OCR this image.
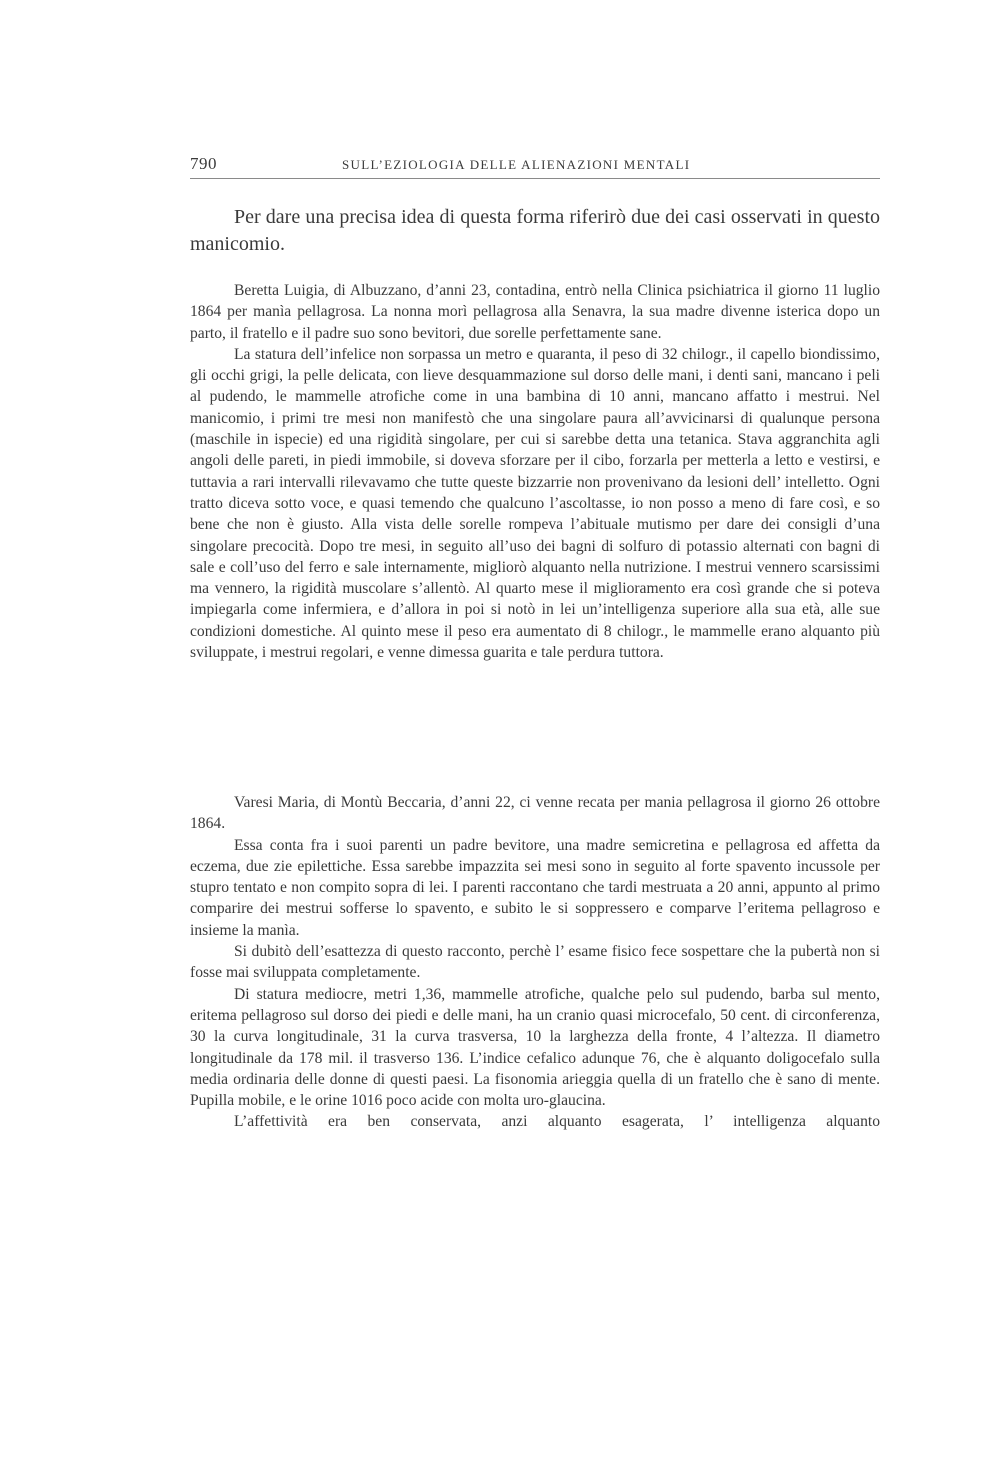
790	SULL’EZIOLOGIA DELLE ALIENAZIONI MENTALI

Per dare una precisa idea di questa forma riferirò due dei casi osservati in questo manicomio.

Beretta Luigia, di Albuzzano, d’anni 23, contadina, entrò nella Clinica psichiatrica il giorno 11 luglio 1864 per manìa pellagrosa. La nonna morì pellagrosa alla Senavra, la sua madre divenne isterica dopo un parto, il fratello e il padre suo sono bevitori, due sorelle perfettamente sane.

La statura dell’infelice non sorpassa un metro e quaranta, il peso di 32 chilogr., il capello biondissimo, gli occhi grigi, la pelle delicata, con lieve desquammazione sul dorso delle mani, i denti sani, mancano i peli al pudendo, le mammelle atrofiche come in una bambina di 10 anni, mancano affatto i mestrui. Nel manicomio, i primi tre mesi non manifestò che una singolare paura all’avvicinarsi di qualunque persona (maschile in ispecie) ed una rigidità singolare, per cui si sarebbe detta una tetanica. Stava aggranchita agli angoli delle pareti, in piedi immobile, si doveva sforzare per il cibo, forzarla per metterla a letto e vestirsi, e tuttavia a rari intervalli rilevavamo che tutte queste bizzarrie non provenivano da lesioni dell’ intelletto. Ogni tratto diceva sotto voce, e quasi temendo che qualcuno l’ascoltasse, io non posso a meno di fare così, e so bene che non è giusto. Alla vista delle sorelle rompeva l’abituale mutismo per dare dei consigli d’una singolare precocità. Dopo tre mesi, in seguito all’uso dei bagni di solfuro di potassio alternati con bagni di sale e coll’uso del ferro e sale internamente, migliorò alquanto nella nutrizione. I mestrui vennero scarsissimi ma vennero, la rigidità muscolare s’allentò. Al quarto mese il miglioramento era così grande che si poteva impiegarla come infermiera, e d’allora in poi si notò in lei un’intelligenza superiore alla sua età, alle sue condizioni domestiche. Al quinto mese il peso era aumentato di 8 chilogr., le mammelle erano alquanto più sviluppate, i mestrui regolari, e venne dimessa guarita e tale perdura tuttora.

Varesi Maria, di Montù Beccaria, d’anni 22, ci venne recata per mania pellagrosa il giorno 26 ottobre 1864.

Essa conta fra i suoi parenti un padre bevitore, una madre semicretina e pellagrosa ed affetta da eczema, due zie epilettiche. Essa sarebbe impazzita sei mesi sono in seguito al forte spavento incussole per stupro tentato e non compito sopra di lei. I parenti raccontano che tardi mestruata a 20 anni, appunto al primo comparire dei mestrui sofferse lo spavento, e subito le si soppressero e comparve l’eritema pellagroso e insieme la manìa.

Si dubitò dell’esattezza di questo racconto, perchè l’ esame fisico fece sospettare che la pubertà non si fosse mai sviluppata completamente.

Di statura mediocre, metri 1,36, mammelle atrofiche, qualche pelo sul pudendo, barba sul mento, eritema pellagroso sul dorso dei piedi e delle mani, ha un cranio quasi microcefalo, 50 cent. di circonferenza, 30 la curva longitudinale, 31 la curva trasversa, 10 la larghezza della fronte, 4 l’altezza. Il diametro longitudinale da 178 mil. il trasverso 136. L’indice cefalico adunque 76, che è alquanto doligocefalo sulla media ordinaria delle donne di questi paesi. La fisonomia arieggia quella di un fratello che è sano di mente. Pupilla mobile, e le orine 1016 poco acide con molta uro-glaucina.

L’affettività era ben conservata, anzi alquanto esagerata, l’ intelligenza alquanto
